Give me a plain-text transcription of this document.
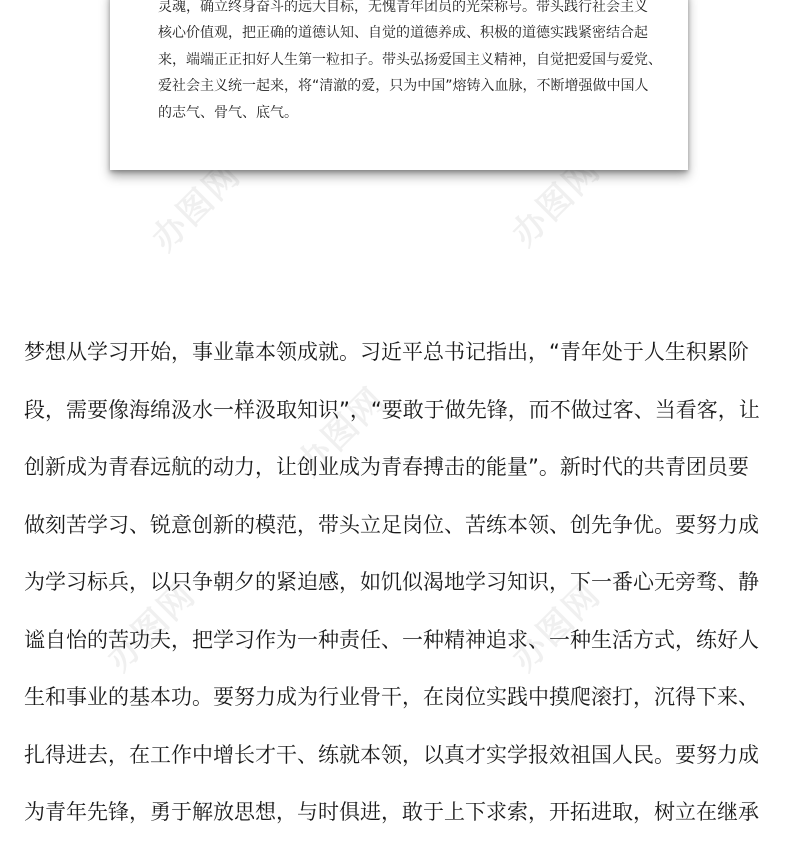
办图网	办图网
办图网
办图网	办图网
灵魂，确立终身奋斗的远大目标，无愧青年团员的光荣称号。带头践行社会主义
核心价值观，把正确的道德认知、自觉的道德养成、积极的道德实践紧密结合起
来，端端正正扣好人生第一粒扣子。带头弘扬爱国主义精神，自觉把爱国与爱党、
爱社会主义统一起来，将“清澈的爱，只为中国”熔铸入血脉，不断增强做中国人
的志气、骨气、底气。
梦想从学习开始，事业靠本领成就。习近平总书记指出，“青年处于人生积累阶
段，需要像海绵汲水一样汲取知识”，“要敢于做先锋，而不做过客、当看客，让
创新成为青春远航的动力，让创业成为青春搏击的能量”。新时代的共青团员要
做刻苦学习、锐意创新的模范，带头立足岗位、苦练本领、创先争优。要努力成
为学习标兵，以只争朝夕的紧迫感，如饥似渴地学习知识，下一番心无旁骛、静
谧自怡的苦功夫，把学习作为一种责任、一种精神追求、一种生活方式，练好人
生和事业的基本功。要努力成为行业骨干，在岗位实践中摸爬滚打，沉得下来、
扎得进去，在工作中增长才干、练就本领，以真才实学报效祖国人民。要努力成
为青年先锋，勇于解放思想，与时俱进，敢于上下求索，开拓进取，树立在继承
